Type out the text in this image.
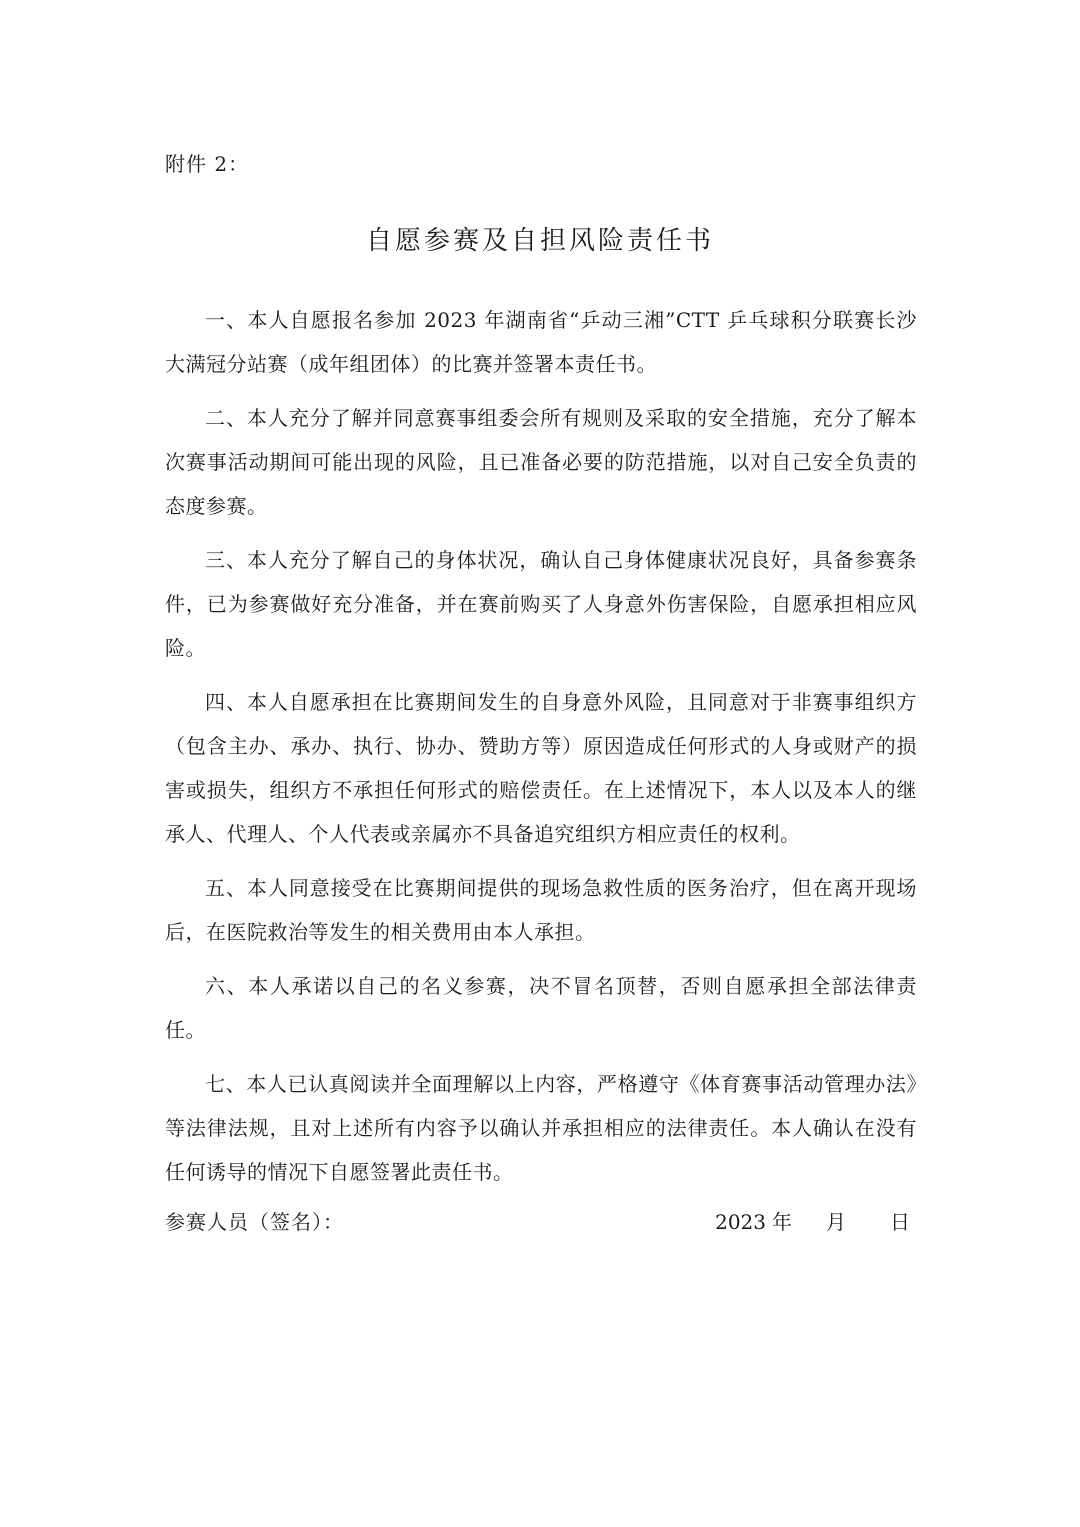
附件 2：
自愿参赛及自担风险责任书

一、本人自愿报名参加 2023 年湖南省“乒动三湘”CTT 乒乓球积分联赛长沙大满冠分站赛（成年组团体）的比赛并签署本责任书。

二、本人充分了解并同意赛事组委会所有规则及采取的安全措施，充分了解本次赛事活动期间可能出现的风险，且已准备必要的防范措施，以对自己安全负责的态度参赛。

三、本人充分了解自己的身体状况，确认自己身体健康状况良好，具备参赛条件，已为参赛做好充分准备，并在赛前购买了人身意外伤害保险，自愿承担相应风险。

四、本人自愿承担在比赛期间发生的自身意外风险，且同意对于非赛事组织方（包含主办、承办、执行、协办、赞助方等）原因造成任何形式的人身或财产的损害或损失，组织方不承担任何形式的赔偿责任。在上述情况下，本人以及本人的继承人、代理人、个人代表或亲属亦不具备追究组织方相应责任的权利。

五、本人同意接受在比赛期间提供的现场急救性质的医务治疗，但在离开现场后，在医院救治等发生的相关费用由本人承担。

六、本人承诺以自己的名义参赛，决不冒名顶替，否则自愿承担全部法律责任。

七、本人已认真阅读并全面理解以上内容，严格遵守《体育赛事活动管理办法》等法律法规，且对上述所有内容予以确认并承担相应的法律责任。本人确认在没有任何诱导的情况下自愿签署此责任书。

参赛人员（签名）：	2023 年 月 日
